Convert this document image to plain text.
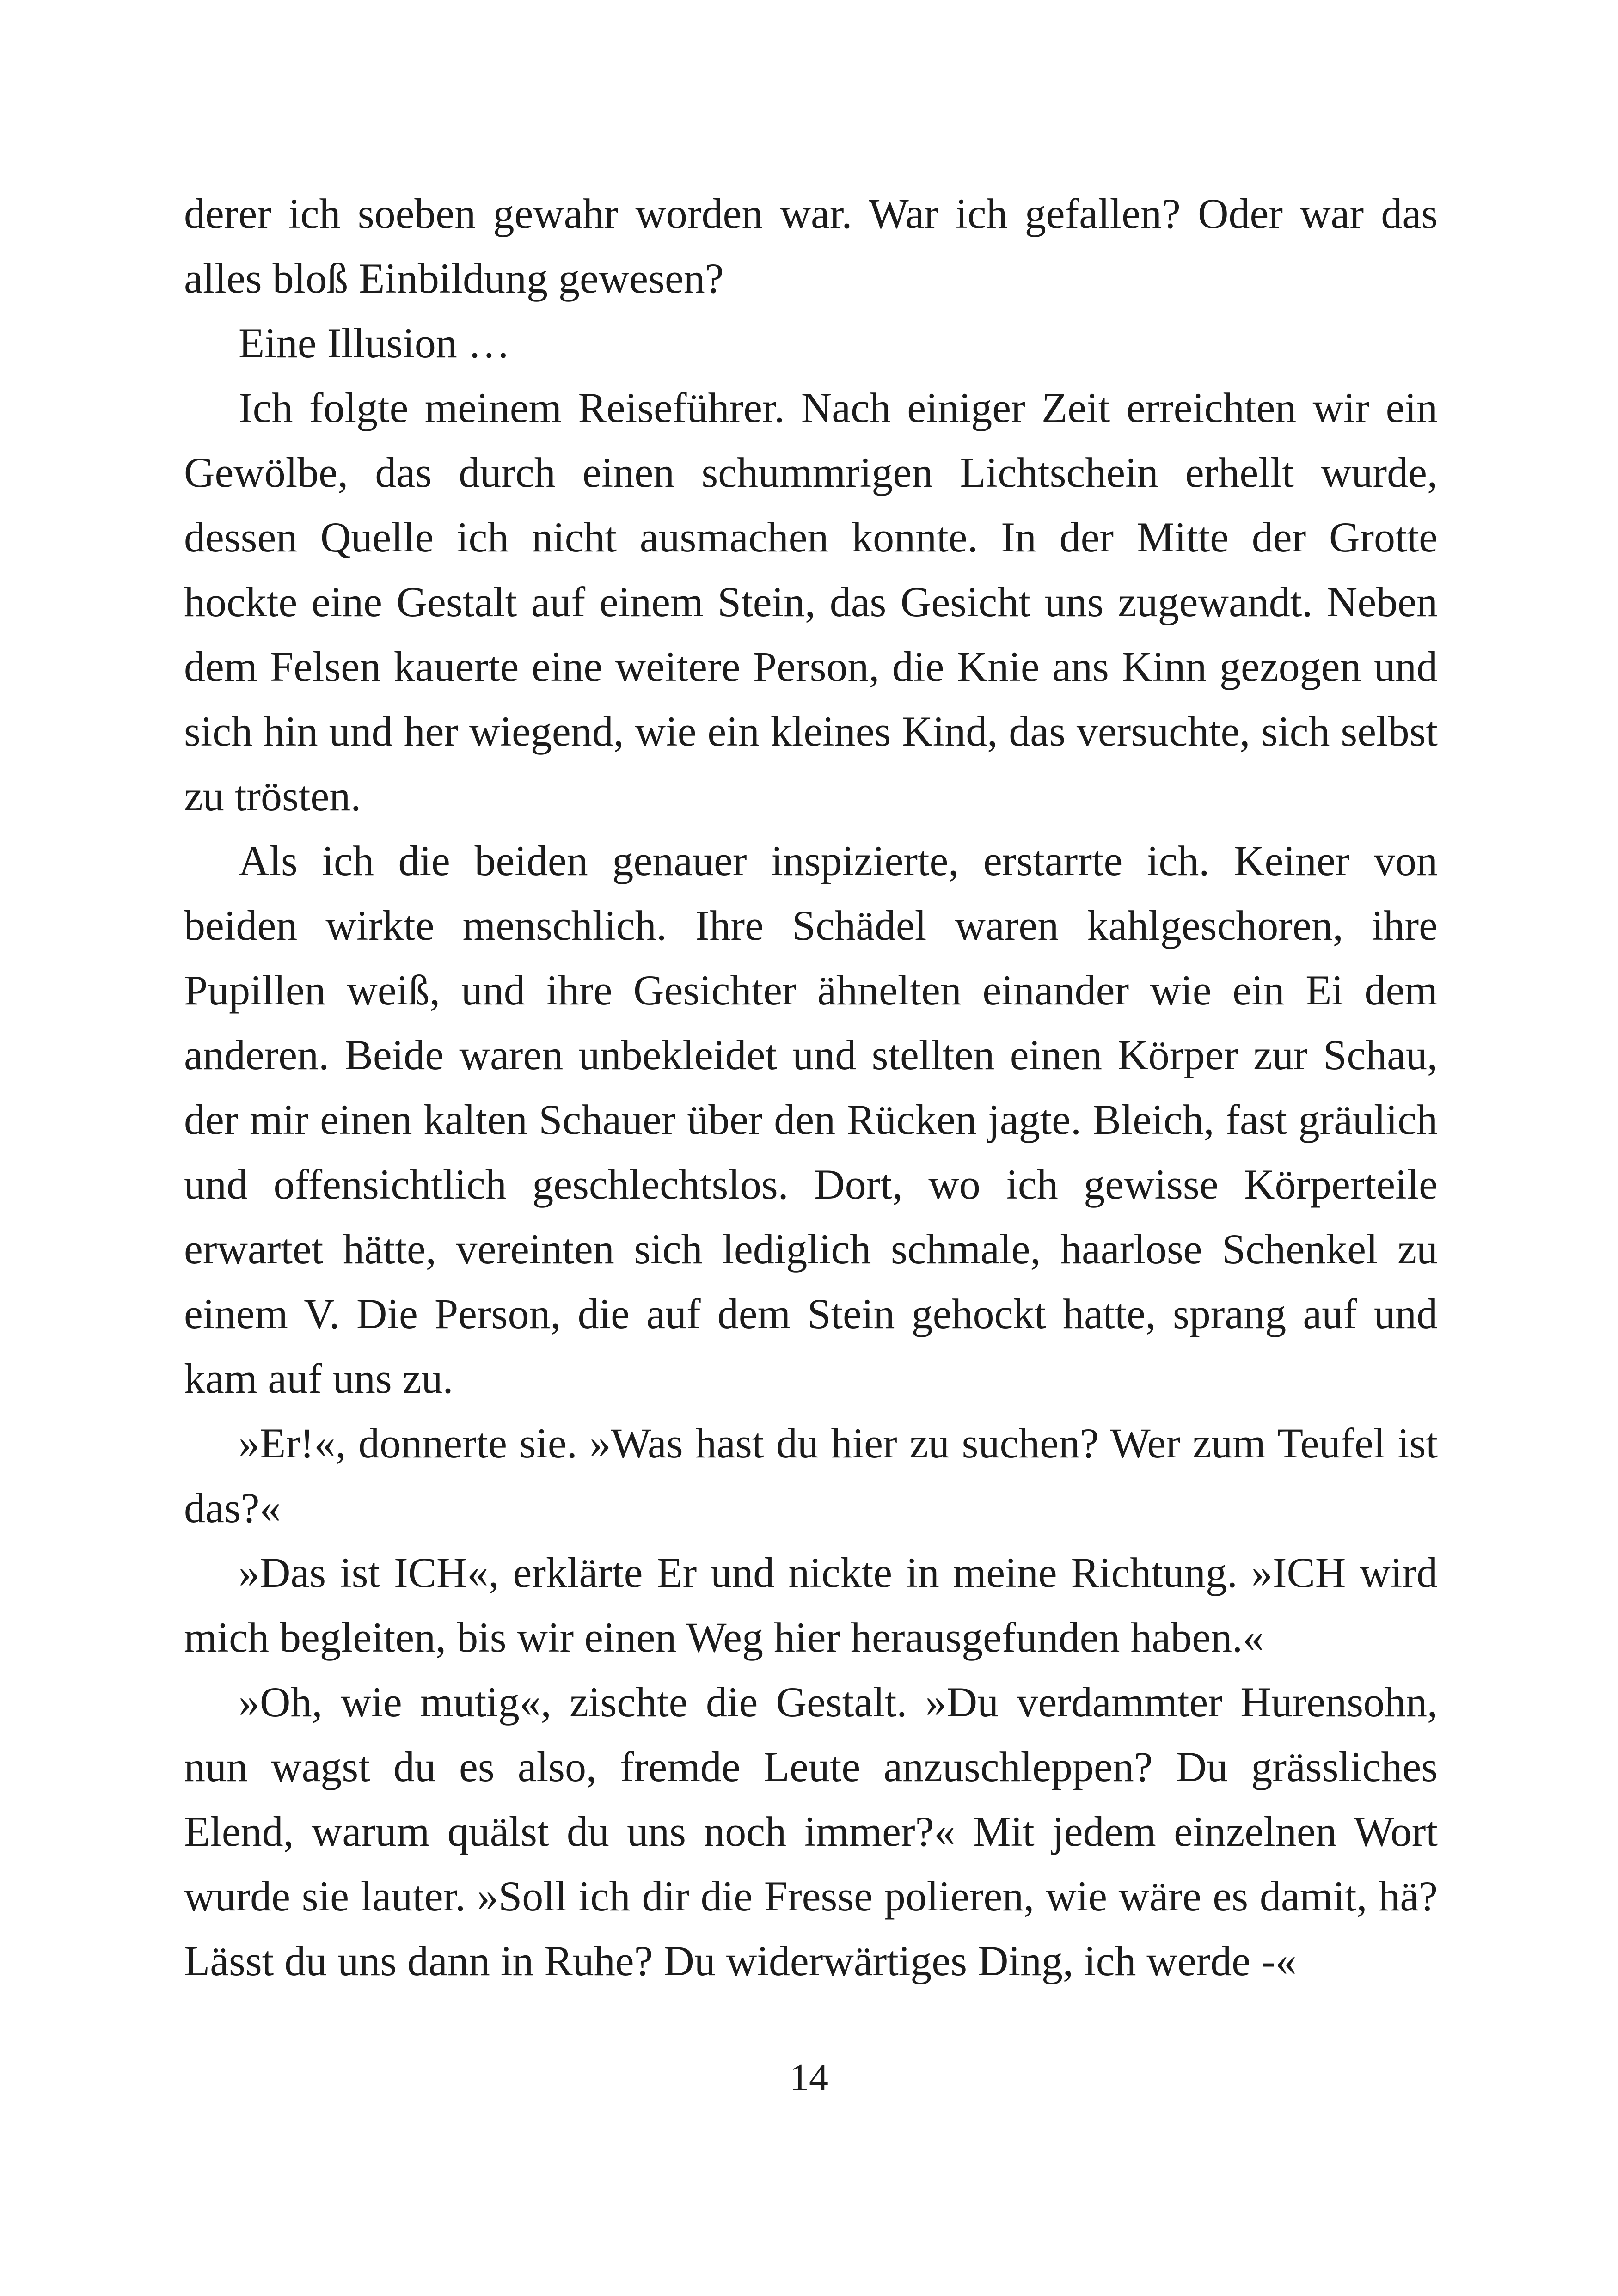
derer ich soeben gewahr worden war. War ich gefallen? Oder war das alles bloß Einbildung gewesen?

Eine Illusion …

Ich folgte meinem Reiseführer. Nach einiger Zeit erreichten wir ein Gewölbe, das durch einen schummrigen Lichtschein erhellt wurde, dessen Quelle ich nicht ausmachen konnte. In der Mitte der Grotte hockte eine Gestalt auf einem Stein, das Gesicht uns zugewandt. Neben dem Felsen kauerte eine weitere Person, die Knie ans Kinn gezogen und sich hin und her wiegend, wie ein kleines Kind, das versuchte, sich selbst zu trösten.

Als ich die beiden genauer inspizierte, erstarrte ich. Keiner von beiden wirkte menschlich. Ihre Schädel waren kahlgeschoren, ihre Pupillen weiß, und ihre Gesichter ähnelten einander wie ein Ei dem anderen. Beide waren unbekleidet und stellten einen Körper zur Schau, der mir einen kalten Schauer über den Rücken jagte. Bleich, fast gräulich und offensichtlich geschlechtslos. Dort, wo ich gewisse Körperteile erwartet hätte, vereinten sich lediglich schmale, haarlose Schenkel zu einem V. Die Person, die auf dem Stein gehockt hatte, sprang auf und kam auf uns zu.

»Er!«, donnerte sie. »Was hast du hier zu suchen? Wer zum Teufel ist das?«

»Das ist ICH«, erklärte Er und nickte in meine Richtung. »ICH wird mich begleiten, bis wir einen Weg hier herausgefunden haben.«

»Oh, wie mutig«, zischte die Gestalt. »Du verdammter Hurensohn, nun wagst du es also, fremde Leute anzuschleppen? Du grässliches Elend, warum quälst du uns noch immer?« Mit jedem einzelnen Wort wurde sie lauter. »Soll ich dir die Fresse polieren, wie wäre es damit, hä? Lässt du uns dann in Ruhe? Du widerwärtiges Ding, ich werde -«

14
